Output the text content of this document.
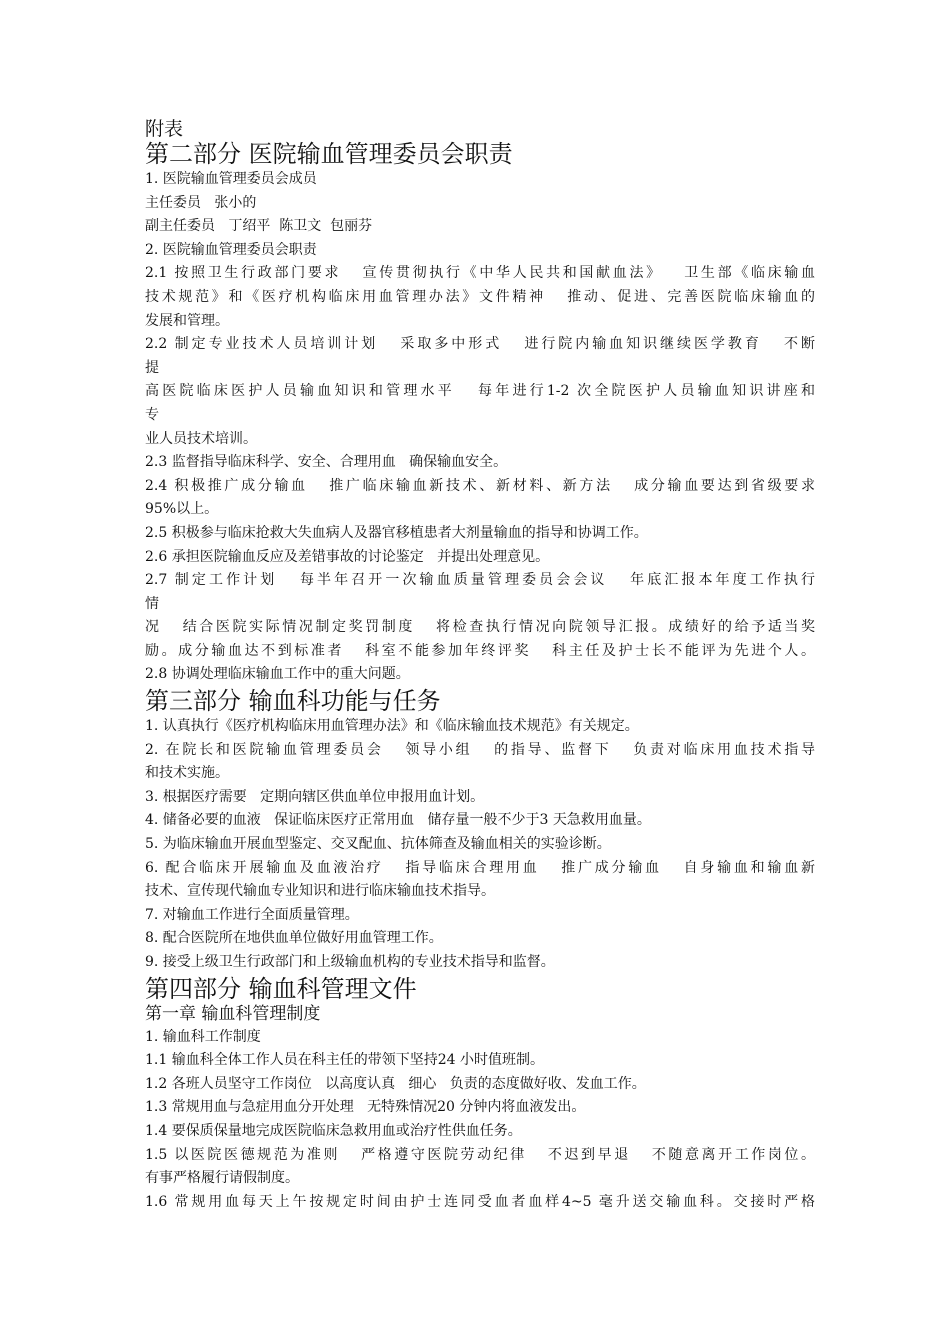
附表
第二部分 医院输血管理委员会职责
1. 医院输血管理委员会成员
主任委员   张小的
副主任委员   丁绍平  陈卫文  包丽芬
2. 医院输血管理委员会职责
2.1 按照卫生行政部门要求   宣传贯彻执行《中华人民共和国献血法》   卫生部《临床输血
技术规范》和《医疗机构临床用血管理办法》文件精神   推动、促进、完善医院临床输血的
发展和管理。
2.2 制定专业技术人员培训计划   采取多中形式   进行院内输血知识继续医学教育   不断
提
高医院临床医护人员输血知识和管理水平   每年进行1-2 次全院医护人员输血知识讲座和
专
业人员技术培训。
2.3 监督指导临床科学、安全、合理用血   确保输血安全。
2.4 积极推广成分输血   推广临床输血新技术、新材料、新方法   成分输血要达到省级要求
95%以上。
2.5 积极参与临床抢救大失血病人及器官移植患者大剂量输血的指导和协调工作。
2.6 承担医院输血反应及差错事故的讨论鉴定   并提出处理意见。
2.7 制定工作计划   每半年召开一次输血质量管理委员会会议   年底汇报本年度工作执行
情
况   结合医院实际情况制定奖罚制度   将检查执行情况向院领导汇报。成绩好的给予适当奖
励。成分输血达不到标准者   科室不能参加年终评奖   科主任及护士长不能评为先进个人。
2.8 协调处理临床输血工作中的重大问题。
第三部分 输血科功能与任务
1. 认真执行《医疗机构临床用血管理办法》和《临床输血技术规范》有关规定。
2. 在院长和医院输血管理委员会   领导小组   的指导、监督下   负责对临床用血技术指导
和技术实施。
3. 根据医疗需要   定期向辖区供血单位申报用血计划。
4. 储备必要的血液   保证临床医疗正常用血   储存量一般不少于3 天急救用血量。
5. 为临床输血开展血型鉴定、交叉配血、抗体筛查及输血相关的实验诊断。
6. 配合临床开展输血及血液治疗   指导临床合理用血   推广成分输血   自身输血和输血新
技术、宣传现代输血专业知识和进行临床输血技术指导。
7. 对输血工作进行全面质量管理。
8. 配合医院所在地供血单位做好用血管理工作。
9. 接受上级卫生行政部门和上级输血机构的专业技术指导和监督。
第四部分 输血科管理文件
第一章 输血科管理制度
1. 输血科工作制度
1.1 输血科全体工作人员在科主任的带领下坚持24 小时值班制。
1.2 各班人员坚守工作岗位   以高度认真   细心   负责的态度做好收、发血工作。
1.3 常规用血与急症用血分开处理   无特殊情况20 分钟内将血液发出。
1.4 要保质保量地完成医院临床急救用血或治疗性供血任务。
1.5 以医院医德规范为准则   严格遵守医院劳动纪律   不迟到早退   不随意离开工作岗位。
有事严格履行请假制度。
1.6 常规用血每天上午按规定时间由护士连同受血者血样4~5 毫升送交输血科。交接时严格
